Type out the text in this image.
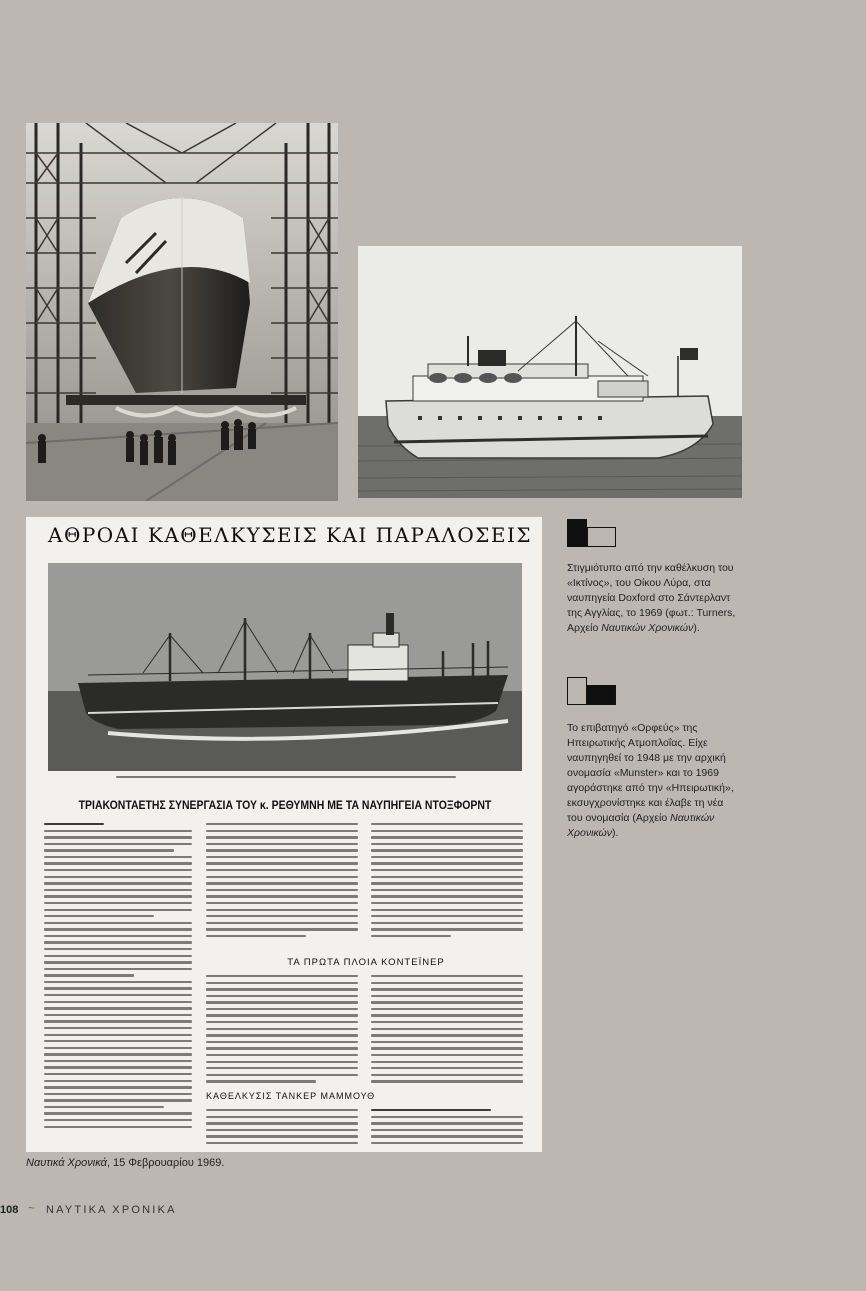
ΑΘΡΟΑΙ ΚΑΘΕΛΚΥΣΕΙΣ ΚΑΙ ΠΑΡΑΛΟΣΕΙΣ
ΤΡΙΑΚΟΝΤΑΕΤΗΣ ΣΥΝΕΡΓΑΣΙΑ ΤΟΥ κ. ΡΕΘΥΜΝΗ ΜΕ ΤΑ ΝΑΥΠΗΓΕΙΑ ΝΤΟΞΦΟΡΝΤ
ΤΑ ΠΡΩΤΑ ΠΛΟΙΑ ΚΟΝΤΕΪΝΕΡ
ΚΑΘΕΛΚΥΣΙΣ ΤΑΝΚΕΡ ΜΑΜΜΟΥΘ
Στιγμιότυπο από την καθέλκυση του «Ικτίνος», του Οίκου Λύρα, στα ναυπηγεία Doxford στο Σάντερλαντ της Αγγλίας, το 1969 (φωτ.: Turners, Αρχείο Ναυτικών Χρονικών).
Το επιβατηγό «Ορφεύς» της Ηπειρωτικής Ατμοπλοΐας. Είχε ναυπηγηθεί το 1948 με την αρχική ονομασία «Munster» και το 1969 αγοράστηκε από την «Ηπειρωτική», εκσυγχρονίστηκε και έλαβε τη νέα του ονομασία (Αρχείο Ναυτικών Χρονικών).
Ναυτικά Χρονικά, 15 Φεβρουαρίου 1969.
108 ~ ΝΑΥΤΙΚΑ ΧΡΟΝΙΚΑ
